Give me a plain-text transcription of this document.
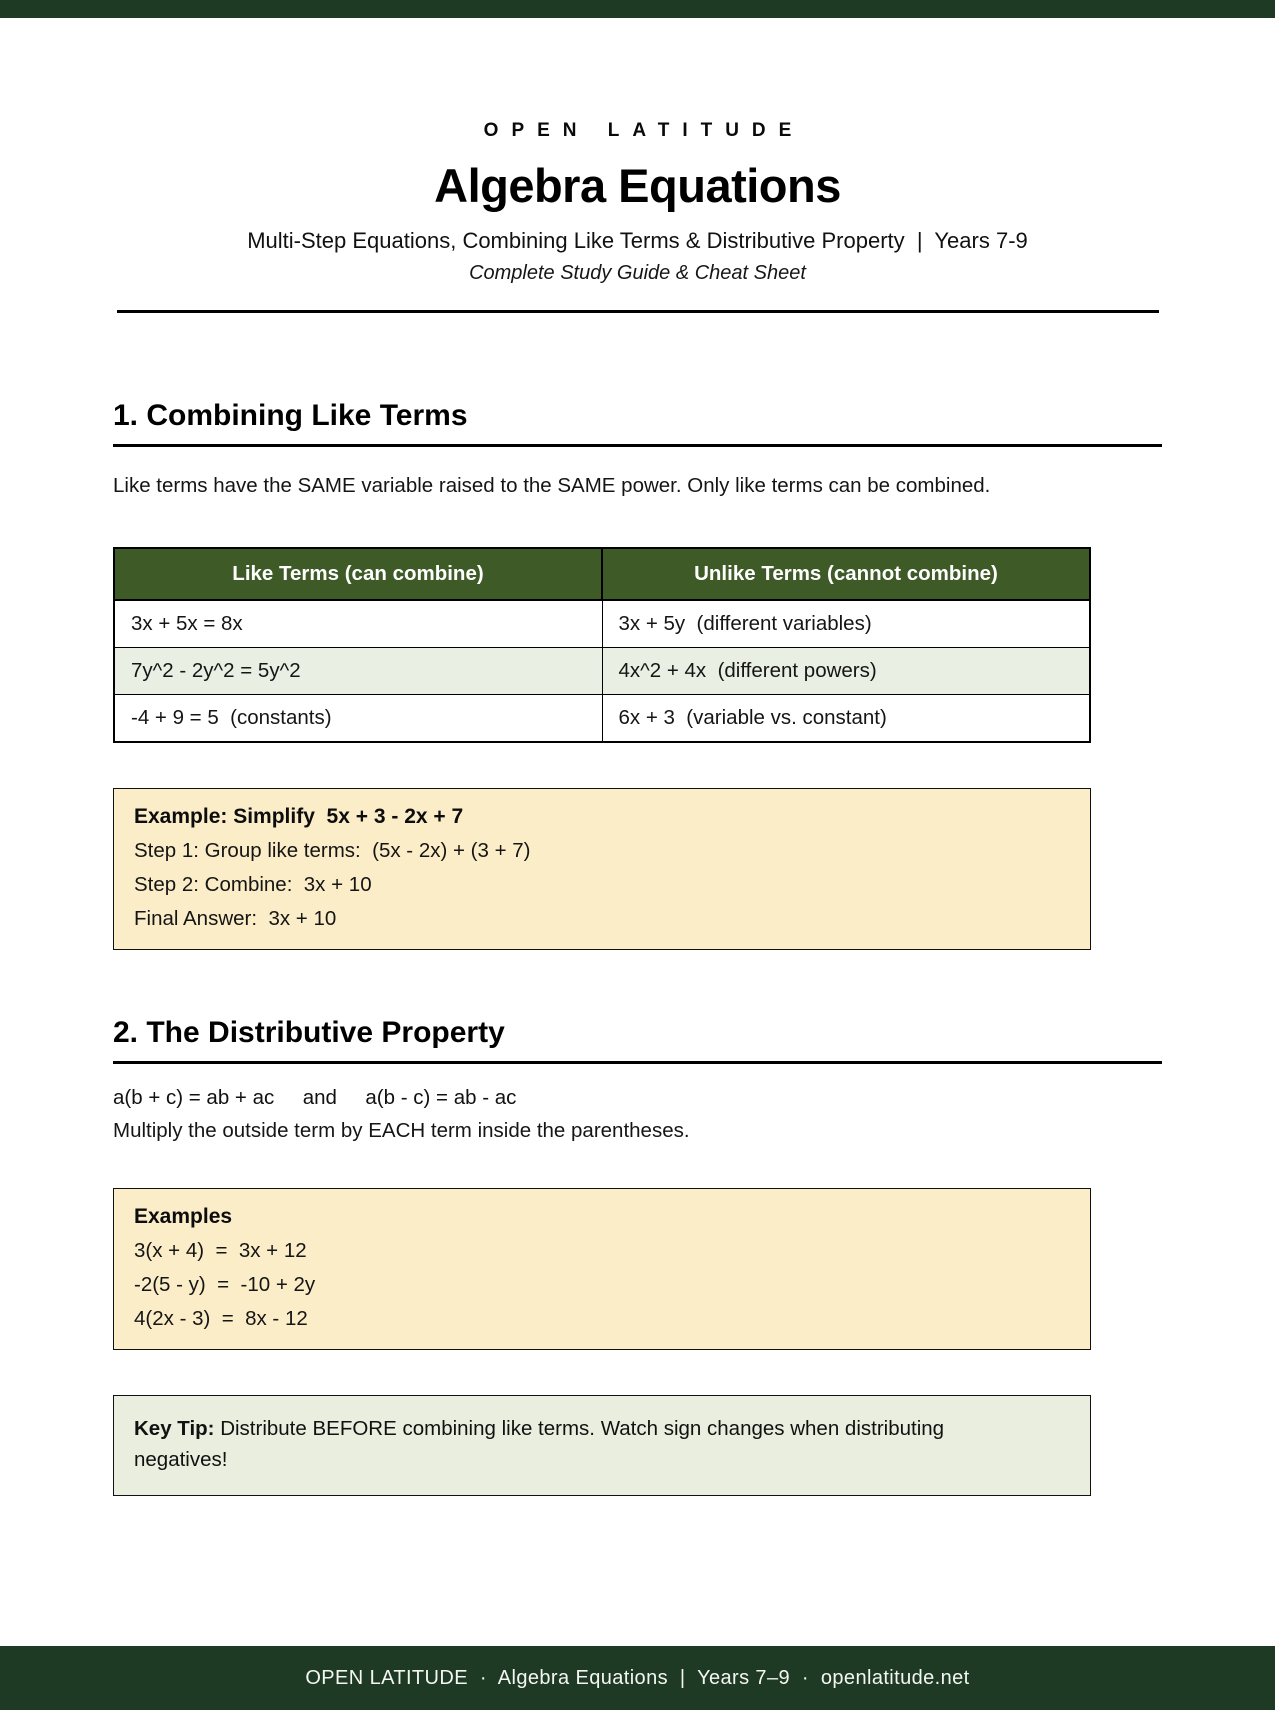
OPEN LATITUDE
Algebra Equations
Multi-Step Equations, Combining Like Terms & Distributive Property  |  Years 7-9
Complete Study Guide & Cheat Sheet
1. Combining Like Terms
Like terms have the SAME variable raised to the SAME power. Only like terms can be combined.
Like Terms (can combine)	Unlike Terms (cannot combine)
3x + 5x = 8x	3x + 5y  (different variables)
7y^2 - 2y^2 = 5y^2	4x^2 + 4x  (different powers)
-4 + 9 = 5  (constants)	6x + 3  (variable vs. constant)
Example: Simplify  5x + 3 - 2x + 7
Step 1: Group like terms:  (5x - 2x) + (3 + 7)
Step 2: Combine:  3x + 10
Final Answer:  3x + 10
2. The Distributive Property
a(b + c) = ab + ac     and     a(b - c) = ab - ac
Multiply the outside term by EACH term inside the parentheses.
Examples
3(x + 4)  =  3x + 12
-2(5 - y)  =  -10 + 2y
4(2x - 3)  =  8x - 12
Key Tip: Distribute BEFORE combining like terms. Watch sign changes when distributing negatives!
OPEN LATITUDE  ·  Algebra Equations  |  Years 7–9  ·  openlatitude.net
